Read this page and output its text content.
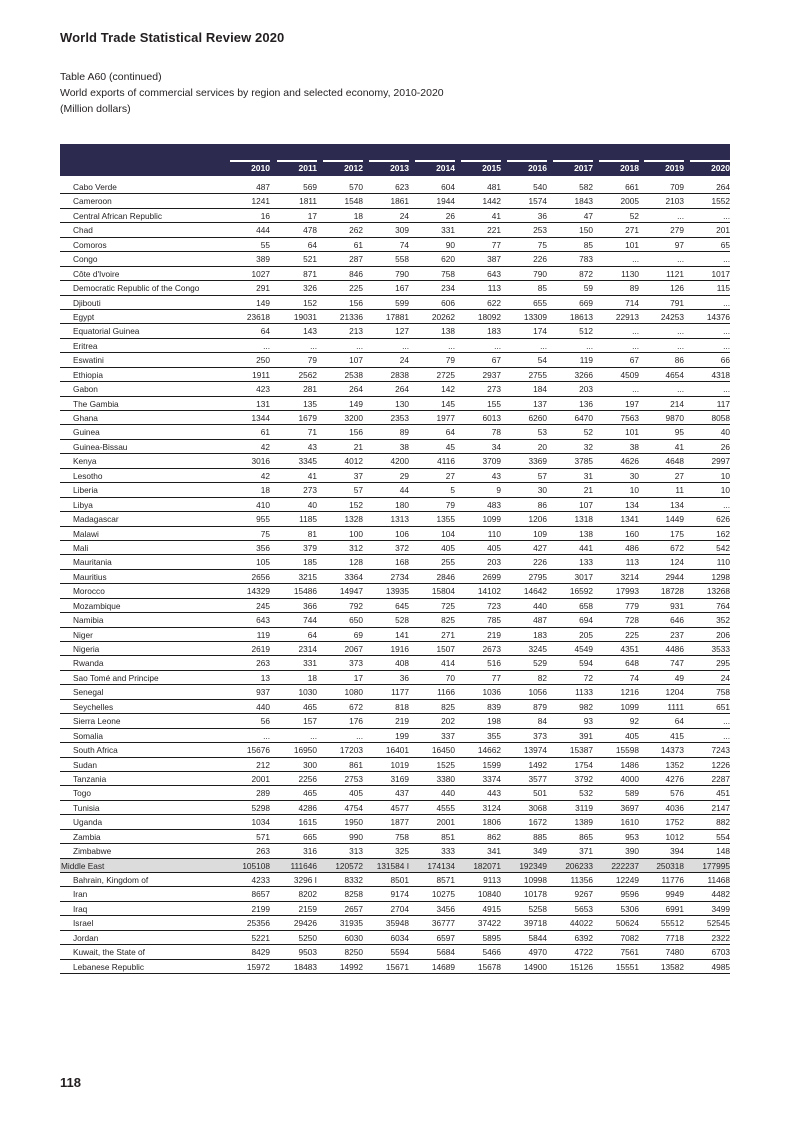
World Trade Statistical Review 2020
Table A60 (continued)
World exports of commercial services by region and selected economy, 2010-2020
(Million dollars)
2010	2011	2012	2013	2014	2015	2016	2017	2018	2019	2020
Cabo Verde	487	569	570	623	604	481	540	582	661	709	264
Cameroon	1241	1811	1548	1861	1944	1442	1574	1843	2005	2103	1552
Central African Republic	16	17	18	24	26	41	36	47	52	...	...
Chad	444	478	262	309	331	221	253	150	271	279	201
Comoros	55	64	61	74	90	77	75	85	101	97	65
Congo	389	521	287	558	620	387	226	783	...	...	...
Côte d'Ivoire	1027	871	846	790	758	643	790	872	1130	1121	1017
Democratic Republic of the Congo	291	326	225	167	234	113	85	59	89	126	115
Djibouti	149	152	156	599	606	622	655	669	714	791	...
Egypt	23618	19031	21336	17881	20262	18092	13309	18613	22913	24253	14376
Equatorial Guinea	64	143	213	127	138	183	174	512	...	...	...
Eritrea	...	...	...	...	...	...	...	...	...	...	...
Eswatini	250	79	107	24	79	67	54	119	67	86	66
Ethiopia	1911	2562	2538	2838	2725	2937	2755	3266	4509	4654	4318
Gabon	423	281	264	264	142	273	184	203	...	...	...
The Gambia	131	135	149	130	145	155	137	136	197	214	117
Ghana	1344	1679	3200	2353	1977	6013	6260	6470	7563	9870	8058
Guinea	61	71	156	89	64	78	53	52	101	95	40
Guinea-Bissau	42	43	21	38	45	34	20	32	38	41	26
Kenya	3016	3345	4012	4200	4116	3709	3369	3785	4626	4648	2997
Lesotho	42	41	37	29	27	43	57	31	30	27	10
Liberia	18	273	57	44	5	9	30	21	10	11	10
Libya	410	40	152	180	79	483	86	107	134	134	...
Madagascar	955	1185	1328	1313	1355	1099	1206	1318	1341	1449	626
Malawi	75	81	100	106	104	110	109	138	160	175	162
Mali	356	379	312	372	405	405	427	441	486	672	542
Mauritania	105	185	128	168	255	203	226	133	113	124	110
Mauritius	2656	3215	3364	2734	2846	2699	2795	3017	3214	2944	1298
Morocco	14329	15486	14947	13935	15804	14102	14642	16592	17993	18728	13268
Mozambique	245	366	792	645	725	723	440	658	779	931	764
Namibia	643	744	650	528	825	785	487	694	728	646	352
Niger	119	64	69	141	271	219	183	205	225	237	206
Nigeria	2619	2314	2067	1916	1507	2673	3245	4549	4351	4486	3533
Rwanda	263	331	373	408	414	516	529	594	648	747	295
Sao Tomé and Principe	13	18	17	36	70	77	82	72	74	49	24
Senegal	937	1030	1080	1177	1166	1036	1056	1133	1216	1204	758
Seychelles	440	465	672	818	825	839	879	982	1099	1111	651
Sierra Leone	56	157	176	219	202	198	84	93	92	64	...
Somalia	...	...	...	199	337	355	373	391	405	415	...
South Africa	15676	16950	17203	16401	16450	14662	13974	15387	15598	14373	7243
Sudan	212	300	861	1019	1525	1599	1492	1754	1486	1352	1226
Tanzania	2001	2256	2753	3169	3380	3374	3577	3792	4000	4276	2287
Togo	289	465	405	437	440	443	501	532	589	576	451
Tunisia	5298	4286	4754	4577	4555	3124	3068	3119	3697	4036	2147
Uganda	1034	1615	1950	1877	2001	1806	1672	1389	1610	1752	882
Zambia	571	665	990	758	851	862	885	865	953	1012	554
Zimbabwe	263	316	313	325	333	341	349	371	390	394	148
Middle East	105108	111646	120572	131584 I	174134	182071	192349	206233	222237	250318	177995
Bahrain, Kingdom of	4233	3296 I	8332	8501	8571	9113	10998	11356	12249	11776	11468
Iran	8657	8202	8258	9174	10275	10840	10178	9267	9596	9949	4482
Iraq	2199	2159	2657	2704	3456	4915	5258	5653	5306	6991	3499
Israel	25356	29426	31935	35948	36777	37422	39718	44022	50624	55512	52545
Jordan	5221	5250	6030	6034	6597	5895	5844	6392	7082	7718	2322
Kuwait, the State of	8429	9503	8250	5594	5684	5466	4970	4722	7561	7480	6703
Lebanese Republic	15972	18483	14992	15671	14689	15678	14900	15126	15551	13582	4985
118
